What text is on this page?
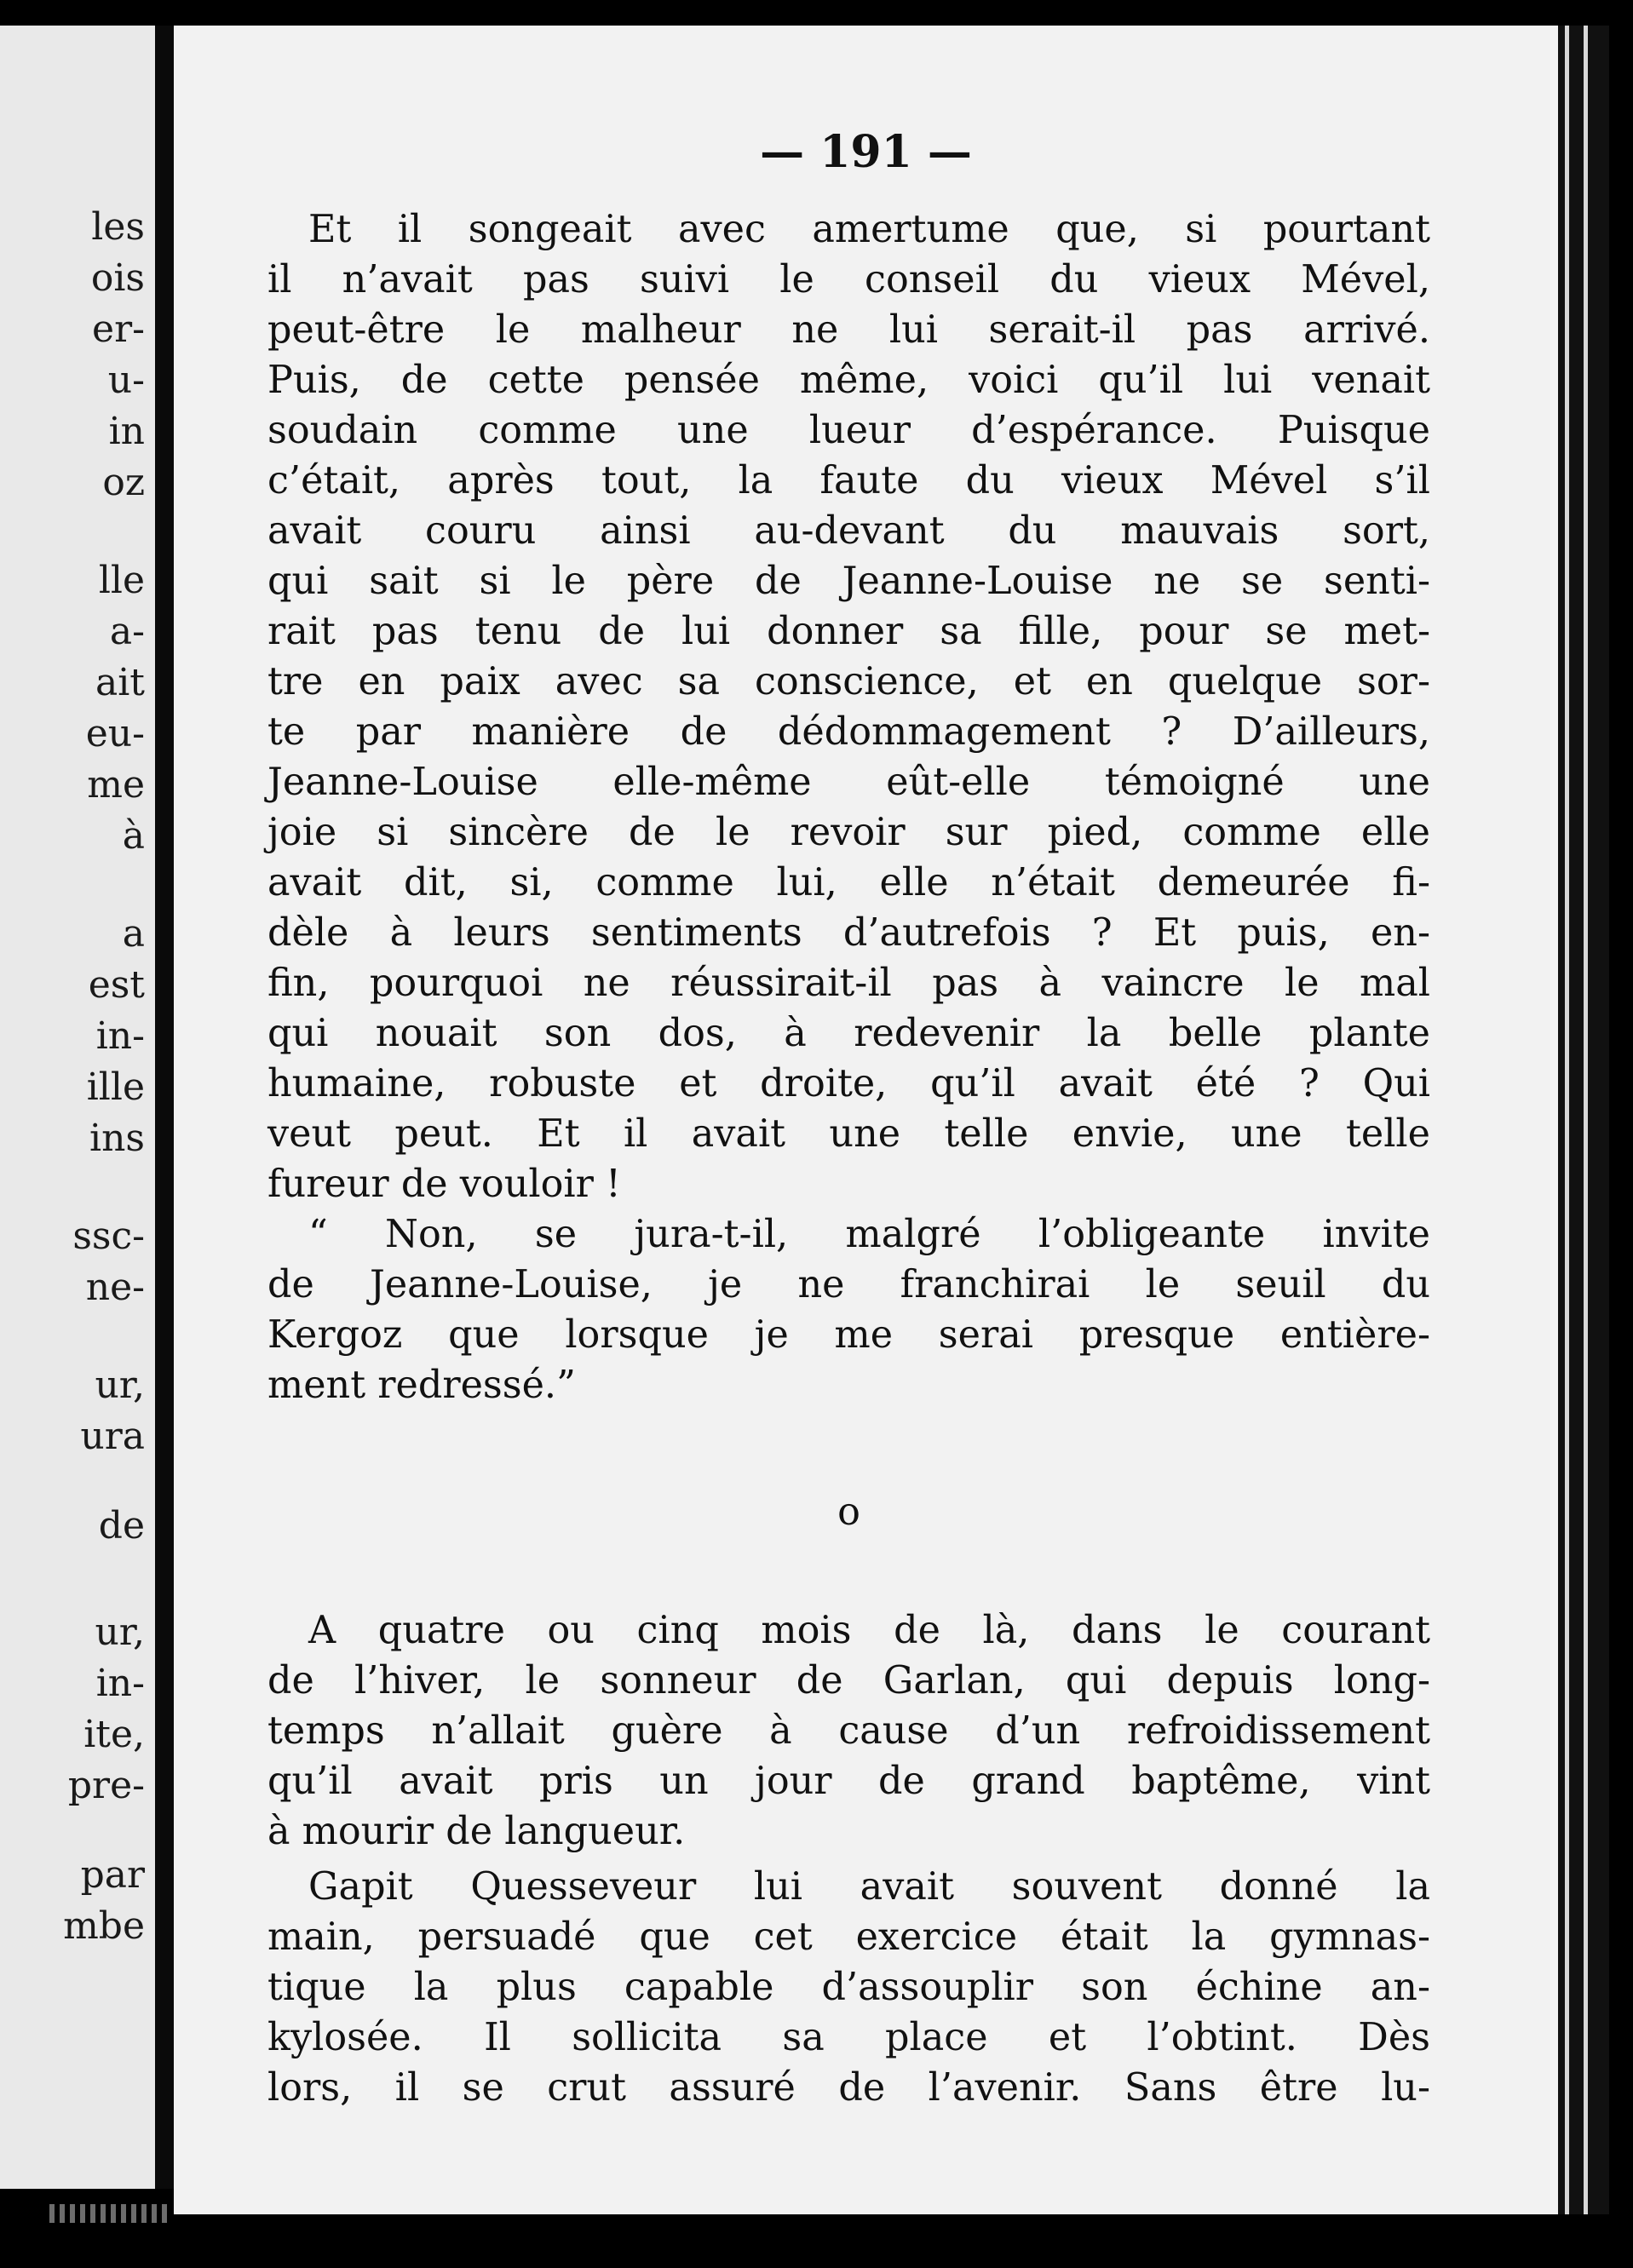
les
ois
er-
u-
in
oz
lle
a-
ait
eu-
me
à
a
est
in-
ille
ins
ssc-
ne-
ur,
ura
de
ur,
in-
ite,
pre-
par
mbe
— 191 —
Et il songeait avec amertume que, si pourtant
il n’avait pas suivi le conseil du vieux Mével,
peut-être le malheur ne lui serait-il pas arrivé.
Puis, de cette pensée même, voici qu’il lui venait
soudain comme une lueur d’espérance. Puisque
c’était, après tout, la faute du vieux Mével s’il
avait couru ainsi au-devant du mauvais sort,
qui sait si le père de Jeanne-Louise ne se senti-
rait pas tenu de lui donner sa fille, pour se met-
tre en paix avec sa conscience, et en quelque sor-
te par manière de dédommagement ? D’ailleurs,
Jeanne-Louise elle-même eût-elle témoigné une
joie si sincère de le revoir sur pied, comme elle
avait dit, si, comme lui, elle n’était demeurée fi-
dèle à leurs sentiments d’autrefois ? Et puis, en-
fin, pourquoi ne réussirait-il pas à vaincre le mal
qui nouait son dos, à redevenir la belle plante
humaine, robuste et droite, qu’il avait été ? Qui
veut peut. Et il avait une telle envie, une telle
fureur de vouloir !
“ Non, se jura-t-il, malgré l’obligeante invite
de Jeanne-Louise, je ne franchirai le seuil du
Kergoz que lorsque je me serai presque entière-
ment redressé.”
o
A quatre ou cinq mois de là, dans le courant
de l’hiver, le sonneur de Garlan, qui depuis long-
temps n’allait guère à cause d’un refroidissement
qu’il avait pris un jour de grand baptême, vint
à mourir de langueur.
Gapit Quesseveur lui avait souvent donné la
main, persuadé que cet exercice était la gymnas-
tique la plus capable d’assouplir son échine an-
kylosée. Il sollicita sa place et l’obtint. Dès
lors, il se crut assuré de l’avenir. Sans être lu-
